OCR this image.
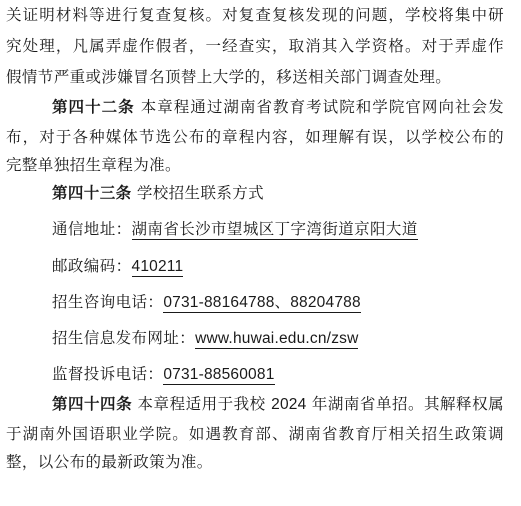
关证明材料等进行复查复核。对复查复核发现的问题，学校将集中研
究处理，凡属弄虚作假者，一经查实，取消其入学资格。对于弄虚作
假情节严重或涉嫌冒名顶替上大学的，移送相关部门调查处理。
第四十二条 本章程通过湖南省教育考试院和学院官网向社会发
布，对于各种媒体节选公布的章程内容，如理解有误，以学校公布的
完整单独招生章程为准。
第四十三条 学校招生联系方式
通信地址：湖南省长沙市望城区丁字湾街道京阳大道
邮政编码：410211
招生咨询电话：0731-88164788、88204788
招生信息发布网址：www.huwai.edu.cn/zsw
监督投诉电话：0731-88560081
第四十四条 本章程适用于我校 2024 年湖南省单招。其解释权属
于湖南外国语职业学院。如遇教育部、湖南省教育厅相关招生政策调
整，以公布的最新政策为准。
